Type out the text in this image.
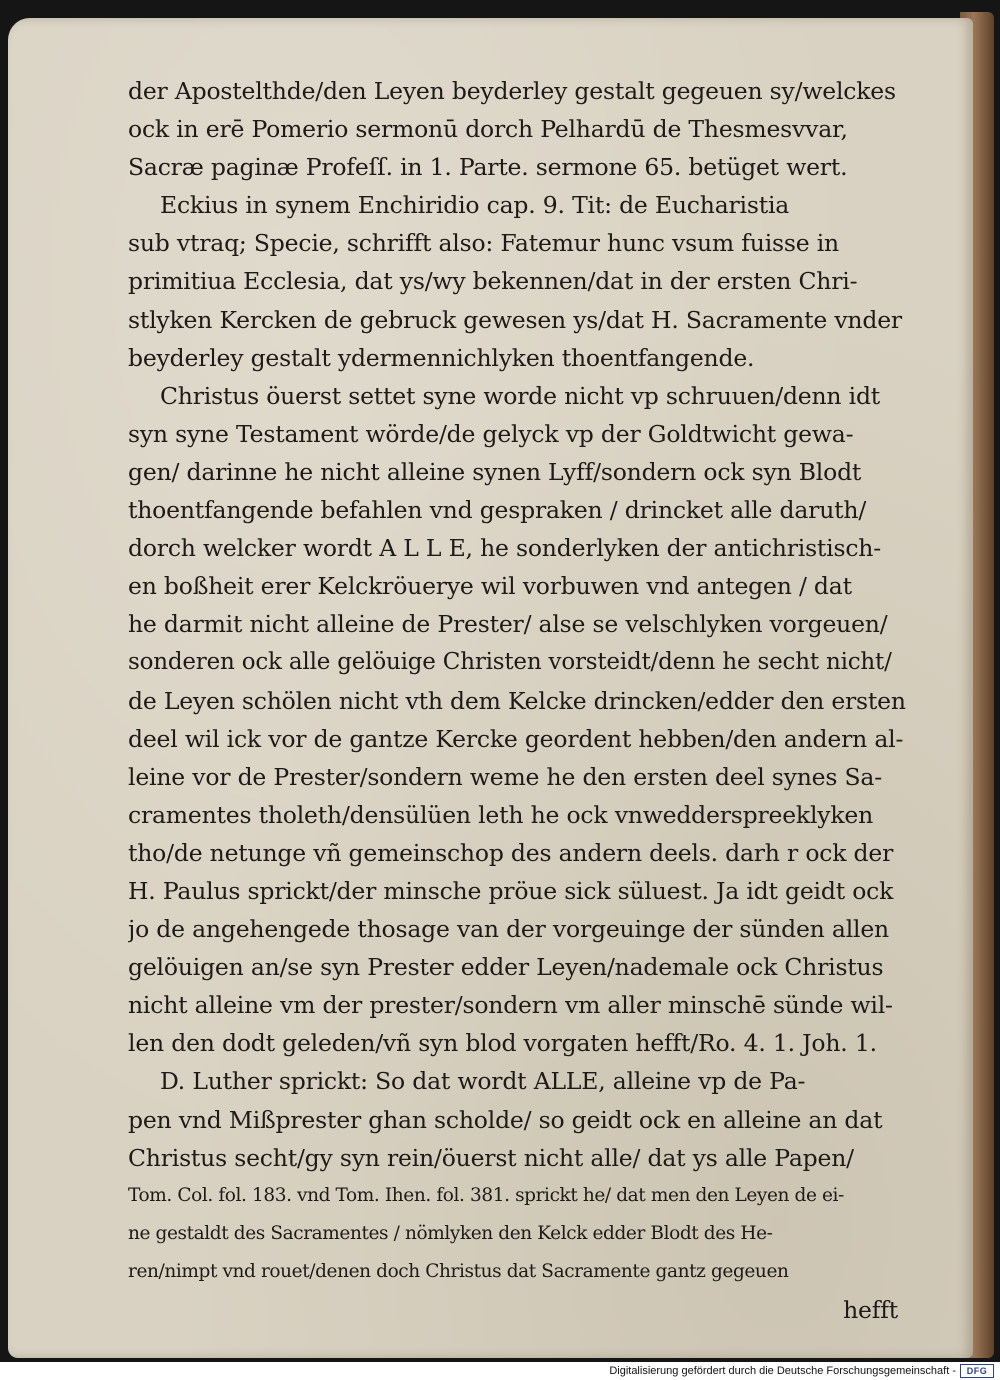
der Apostelthde/den Leyen beyderley gestalt gegeuen sy/welckes
ock in erē Pomerio sermonū dorch Pelhardū de Thesmesvvar,
Sacræ paginæ Profeſſ. in 1. Parte. sermone 65. betüget wert.
Eckius in synem Enchiridio cap. 9. Tit: de Eucharistia
sub vtraq; Specie, schrifft also: Fatemur hunc vsum fuisse in
primitiua Ecclesia, dat ys/wy bekennen/dat in der ersten Chri-
stlyken Kercken de gebruck gewesen ys/dat H. Sacramente vnder
beyderley gestalt ydermennichlyken thoentfangende.
Christus öuerst settet syne worde nicht vp schruuen/denn idt
syn syne Testament wörde/de gelyck vp der Goldtwicht gewa-
gen/ darinne he nicht alleine synen Lyff/sondern ock syn Blodt
thoentfangende befahlen vnd gespraken / drincket alle daruth/
dorch welcker wordt A L L E, he sonderlyken der antichristisch-
en boßheit erer Kelckröuerye wil vorbuwen vnd antegen / dat
he darmit nicht alleine de Prester/ alse se velschlyken vorgeuen/
sonderen ock alle gelöuige Christen vorsteidt/denn he secht nicht/
de Leyen schölen nicht vth dem Kelcke drincken/edder den ersten
deel wil ick vor de gantze Kercke geordent hebben/den andern al-
leine vor de Prester/sondern weme he den ersten deel synes Sa-
cramentes tholeth/densülüen leth he ock vnwedderspreeklyken
tho/de netunge vñ gemeinschop des andern deels. darh r ock der
H. Paulus sprickt/der minsche pröue sick süluest. Ja idt geidt ock
jo de angehengede thosage van der vorgeuinge der sünden allen
gelöuigen an/se syn Prester edder Leyen/nademale ock Christus
nicht alleine vm der prester/sondern vm aller minschē sünde wil-
len den dodt geleden/vñ syn blod vorgaten hefft/Ro. 4. 1. Joh. 1.
D. Luther sprickt: So dat wordt ALLE, alleine vp de Pa-
pen vnd Mißprester ghan scholde/ so geidt ock en alleine an dat
Christus secht/gy syn rein/öuerst nicht alle/ dat ys alle Papen/
Tom. Col. fol. 183. vnd Tom. Ihen. fol. 381. sprickt he/ dat men den Leyen de ei-
ne gestaldt des Sacramentes / nömlyken den Kelck edder Blodt des He-
ren/nimpt vnd rouet/denen doch Christus dat Sacramente gantz gegeuen
hefft
Digitalisierung gefördert durch die Deutsche Forschungsgemeinschaft -	DFG
